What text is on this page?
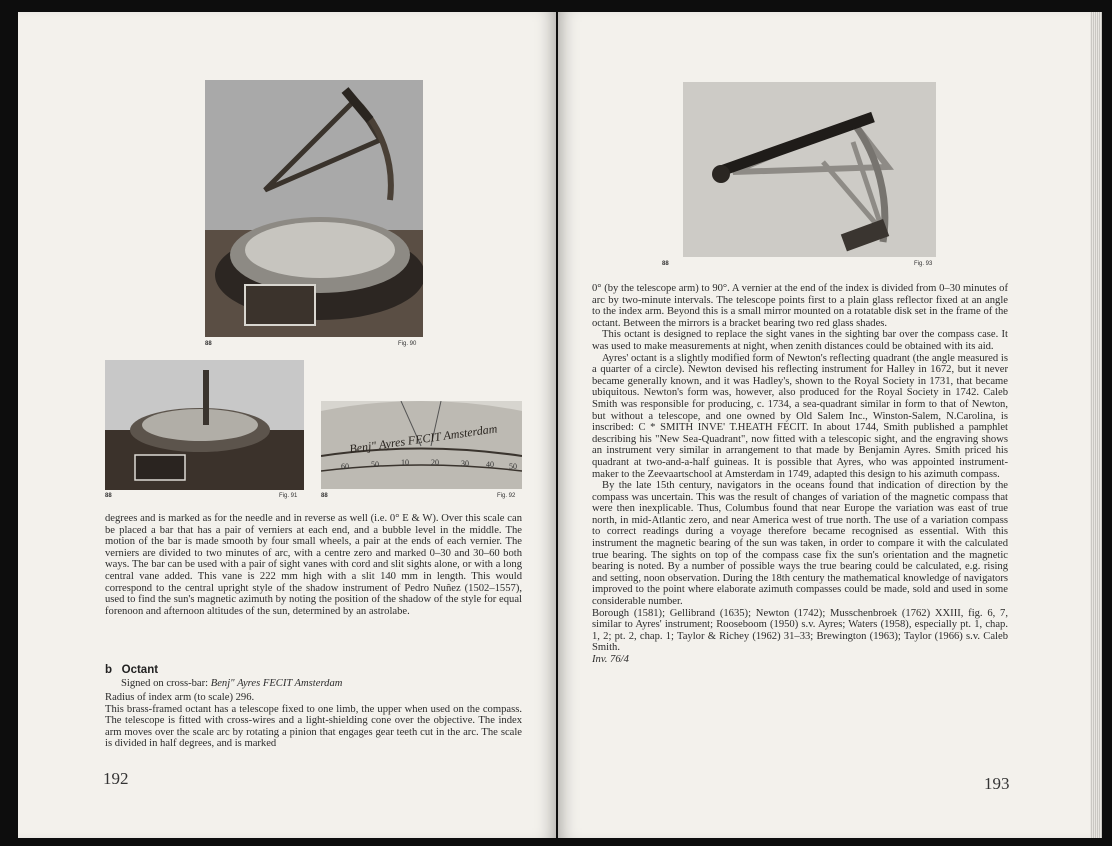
88	Fig. 90
88	Fig. 91
Benj" Ayres FECIT Amsterdam
60	50	10	20	30 40 50
88	Fig. 92

degrees and is marked as for the needle and in reverse as well (i.e. 0° E & W). Over this scale can be placed a bar that has a pair of verniers at each end, and a bubble level in the middle. The motion of the bar is made smooth by four small wheels, a pair at the ends of each vernier. The verniers are divided to two minutes of arc, with a centre zero and marked 0–30 and 30–60 both ways. The bar can be used with a pair of sight vanes with cord and slit sights alone, or with a long central vane added. This vane is 222 mm high with a slit 140 mm in length. This would correspond to the central upright style of the shadow instrument of Pedro Nuñez (1502–1557), used to find the sun's magnetic azimuth by noting the position of the shadow of the style for equal forenoon and afternoon altitudes of the sun, determined by an astrolabe.

b Octant
Signed on cross-bar: Benj" Ayres FECIT Amsterdam

Radius of index arm (to scale) 296.

This brass-framed octant has a telescope fixed to one limb, the upper when used on the compass. The telescope is fitted with cross-wires and a light-shielding cone over the objective. The index arm moves over the scale arc by rotating a pinion that engages gear teeth cut in the arc. The scale is divided in half degrees, and is marked

192
88	Fig. 93

0° (by the telescope arm) to 90°. A vernier at the end of the index is divided from 0–30 minutes of arc by two-minute intervals. The telescope points first to a plain glass reflector fixed at an angle to the index arm. Beyond this is a small mirror mounted on a rotatable disk set in the frame of the octant. Between the mirrors is a bracket bearing two red glass shades.

This octant is designed to replace the sight vanes in the sighting bar over the compass case. It was used to make measurements at night, when zenith distances could be obtained with its aid.

Ayres' octant is a slightly modified form of Newton's reflecting quadrant (the angle measured is a quarter of a circle). Newton devised his reflecting instrument for Halley in 1672, but it never became generally known, and it was Hadley's, shown to the Royal Society in 1731, that became ubiquitous. Newton's form was, however, also produced for the Royal Society in 1742. Caleb Smith was responsible for producing, c. 1734, a sea-quadrant similar in form to that of Newton, but without a telescope, and one owned by Old Salem Inc., Winston-Salem, N.Carolina, is inscribed: C * SMITH INVE' T.HEATH FECIT. In about 1744, Smith published a pamphlet describing his "New Sea-Quadrant", now fitted with a telescopic sight, and the engraving shows an instrument very similar in arrangement to that made by Benjamin Ayres. Smith priced his quadrant at two-and-a-half guineas. It is possible that Ayres, who was appointed instrument-maker to the Zeevaartschool at Amsterdam in 1749, adapted this design to his azimuth compass.

By the late 15th century, navigators in the oceans found that indication of direction by the compass was uncertain. This was the result of changes of variation of the magnetic compass that were then inexplicable. Thus, Columbus found that near Europe the variation was east of true north, in mid-Atlantic zero, and near America west of true north. The use of a variation compass to correct readings during a voyage therefore became recognised as essential. With this instrument the magnetic bearing of the sun was taken, in order to compare it with the calculated true bearing. The sights on top of the compass case fix the sun's orientation and the magnetic bearing is noted. By a number of possible ways the true bearing could be calculated, e.g. rising and setting, noon observation. During the 18th century the mathematical knowledge of navigators improved to the point where elaborate azimuth compasses could be made, sold and used in some considerable number.

Borough (1581); Gellibrand (1635); Newton (1742); Musschenbroek (1762) XXIII, fig. 6, 7, similar to Ayres' instrument; Rooseboom (1950) s.v. Ayres; Waters (1958), especially pt. 1, chap. 1, 2; pt. 2, chap. 1; Taylor & Richey (1962) 31–33; Brewington (1963); Taylor (1966) s.v. Caleb Smith.

Inv. 76/4

193
